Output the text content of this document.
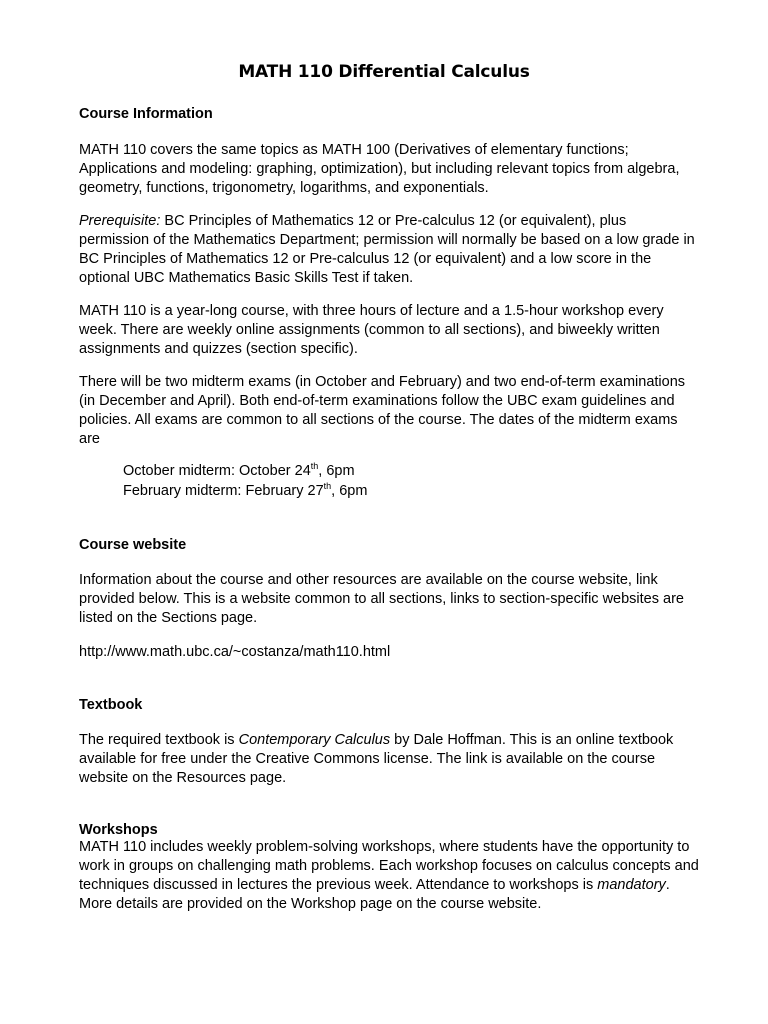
MATH 110 Differential Calculus

Course Information

MATH 110 covers the same topics as MATH 100 (Derivatives of elementary functions; Applications and modeling: graphing, optimization), but including relevant topics from algebra, geometry, functions, trigonometry, logarithms, and exponentials.

Prerequisite: BC Principles of Mathematics 12 or Pre-calculus 12 (or equivalent), plus permission of the Mathematics Department; permission will normally be based on a low grade in BC Principles of Mathematics 12 or Pre-calculus 12 (or equivalent) and a low score in the optional UBC Mathematics Basic Skills Test if taken.

MATH 110 is a year-long course, with three hours of lecture and a 1.5-hour workshop every week. There are weekly online assignments (common to all sections), and biweekly written assignments and quizzes (section specific).

There will be two midterm exams (in October and February) and two end-of-term examinations (in December and April). Both end-of-term examinations follow the UBC exam guidelines and policies. All exams are common to all sections of the course. The dates of the midterm exams are

October midterm: October 24th, 6pm

February midterm: February 27th, 6pm

Course website

Information about the course and other resources are available on the course website, link provided below. This is a website common to all sections, links to section-specific websites are listed on the Sections page.

http://www.math.ubc.ca/~costanza/math110.html

Textbook

The required textbook is Contemporary Calculus by Dale Hoffman. This is an online textbook available for free under the Creative Commons license. The link is available on the course website on the Resources page.

Workshops

MATH 110 includes weekly problem-solving workshops, where students have the opportunity to work in groups on challenging math problems. Each workshop focuses on calculus concepts and techniques discussed in lectures the previous week. Attendance to workshops is mandatory. More details are provided on the Workshop page on the course website.
